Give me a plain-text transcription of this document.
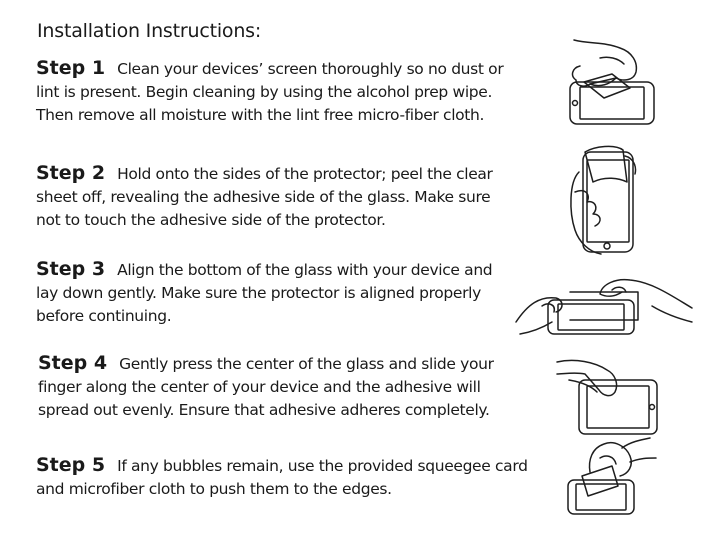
Installation Instructions:
Step 1 Clean your devices’ screen thoroughly so no dust or
lint is present. Begin cleaning by using the alcohol prep wipe.
Then remove all moisture with the lint free micro-fiber cloth.
Step 2 Hold onto the sides of the protector; peel the clear
sheet off, revealing the adhesive side of the glass. Make sure
not to touch the adhesive side of the protector.
Step 3 Align the bottom of the glass with your device and
lay down gently. Make sure the protector is aligned properly
before continuing.
Step 4 Gently press the center of the glass and slide your
finger along the center of your device and the adhesive will
spread out evenly. Ensure that adhesive adheres completely.
Step 5 If any bubbles remain, use the provided squeegee card
and microfiber cloth to push them to the edges.
